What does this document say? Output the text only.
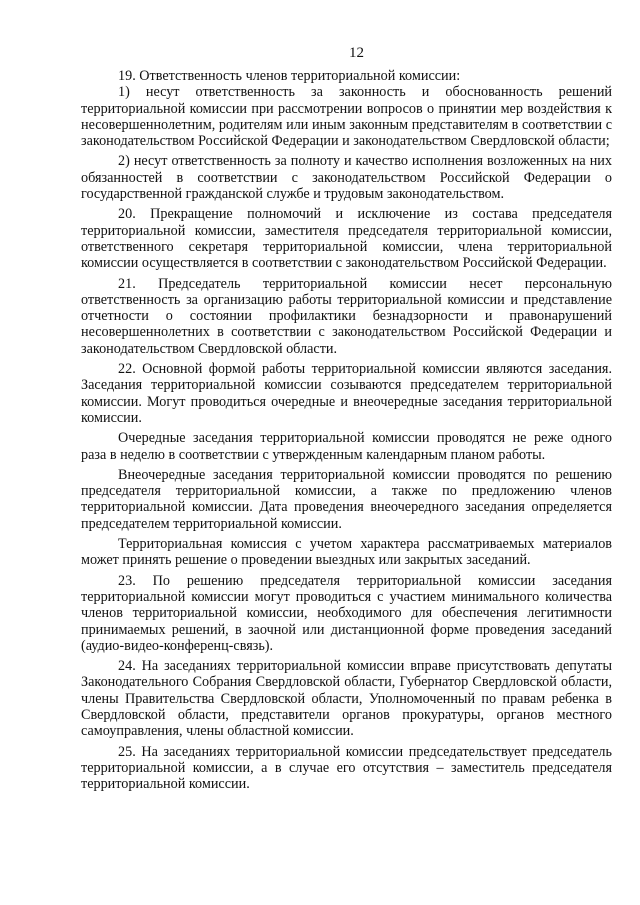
12

19. Ответственность членов территориальной комиссии:

1) несут ответственность за законность и обоснованность решений территориальной комиссии при рассмотрении вопросов о принятии мер воздействия к несовершеннолетним, родителям или иным законным представителям в соответствии с законодательством Российской Федерации и законодательством Свердловской области;

2) несут ответственность за полноту и качество исполнения возложенных на них обязанностей в соответствии с законодательством Российской Федерации о государственной гражданской службе и трудовым законодательством.

20. Прекращение полномочий и исключение из состава председателя территориальной комиссии, заместителя председателя территориальной комиссии, ответственного секретаря территориальной комиссии, члена территориальной комиссии осуществляется в соответствии с законодательством Российской Федерации.

21. Председатель территориальной комиссии несет персональную ответственность за организацию работы территориальной комиссии и представление отчетности о состоянии профилактики безнадзорности и правонарушений несовершеннолетних в соответствии с законодательством Российской Федерации и законодательством Свердловской области.

22. Основной формой работы территориальной комиссии являются заседания. Заседания территориальной комиссии созываются председателем территориальной комиссии. Могут проводиться очередные и внеочередные заседания территориальной комиссии.

Очередные заседания территориальной комиссии проводятся не реже одного раза в неделю в соответствии с утвержденным календарным планом работы.

Внеочередные заседания территориальной комиссии проводятся по решению председателя территориальной комиссии, а также по предложению членов территориальной комиссии. Дата проведения внеочередного заседания определяется председателем территориальной комиссии.

Территориальная комиссия с учетом характера рассматриваемых материалов может принять решение о проведении выездных или закрытых заседаний.

23. По решению председателя территориальной комиссии заседания территориальной комиссии могут проводиться с участием минимального количества членов территориальной комиссии, необходимого для обеспечения легитимности принимаемых решений, в заочной или дистанционной форме проведения заседаний (аудио-видео-конференц-связь).

24. На заседаниях территориальной комиссии вправе присутствовать депутаты Законодательного Собрания Свердловской области, Губернатор Свердловской области, члены Правительства Свердловской области, Уполномоченный по правам ребенка в Свердловской области, представители органов прокуратуры, органов местного самоуправления, члены областной комиссии.

25. На заседаниях территориальной комиссии председательствует председатель территориальной комиссии, а в случае его отсутствия – заместитель председателя территориальной комиссии.
